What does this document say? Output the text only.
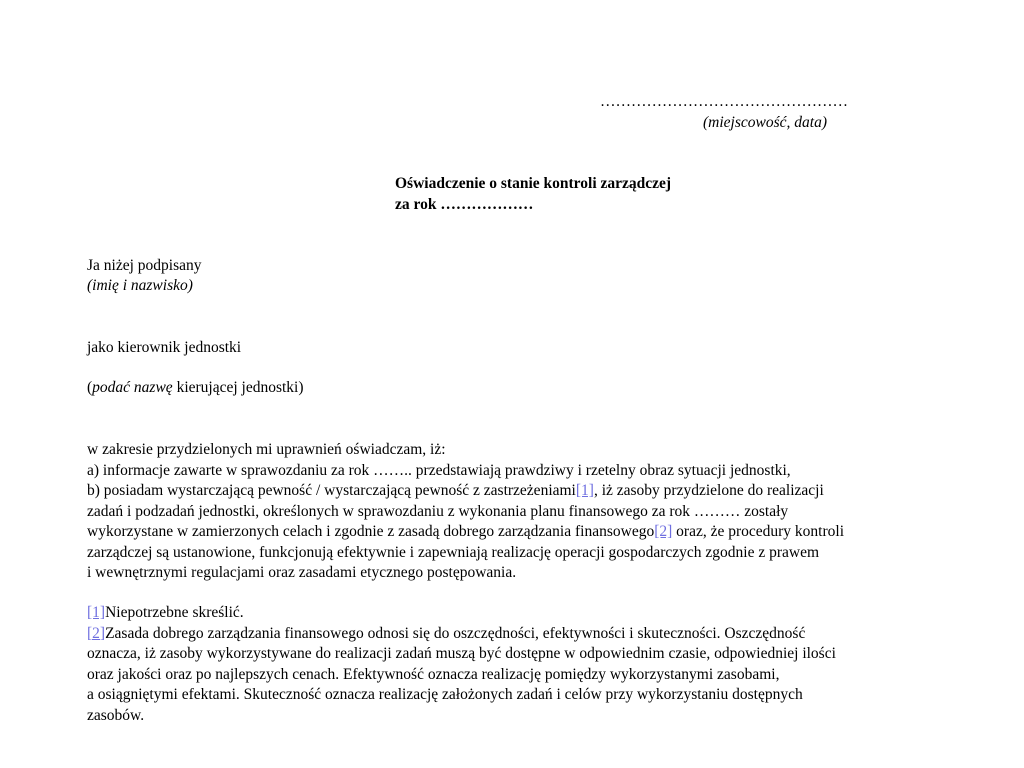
…………………………………………
(miejscowość, data)
Oświadczenie o stanie kontroli zarządczej
za rok ………………
Ja niżej podpisany
(imię i nazwisko)
jako kierownik jednostki
(podać nazwę kierującej jednostki)
w zakresie przydzielonych mi uprawnień oświadczam, iż:
a) informacje zawarte w sprawozdaniu za rok …….. przedstawiają prawdziwy i rzetelny obraz sytuacji jednostki,
b) posiadam wystarczającą pewność / wystarczającą pewność z zastrzeżeniami[1], iż zasoby przydzielone do realizacji
zadań i podzadań jednostki, określonych w sprawozdaniu z wykonania planu finansowego za rok ……… zostały
wykorzystane w zamierzonych celach i zgodnie z zasadą dobrego zarządzania finansowego[2] oraz, że procedury kontroli
zarządczej są ustanowione, funkcjonują efektywnie i zapewniają realizację operacji gospodarczych zgodnie z prawem
i wewnętrznymi regulacjami oraz zasadami etycznego postępowania.
[1]Niepotrzebne skreślić.
[2]Zasada dobrego zarządzania finansowego odnosi się do oszczędności, efektywności i skuteczności. Oszczędność
oznacza, iż zasoby wykorzystywane do realizacji zadań muszą być dostępne w odpowiednim czasie, odpowiedniej ilości
oraz jakości oraz po najlepszych cenach. Efektywność oznacza realizację pomiędzy wykorzystanymi zasobami,
a osiągniętymi efektami. Skuteczność oznacza realizację założonych zadań i celów przy wykorzystaniu dostępnych
zasobów.
